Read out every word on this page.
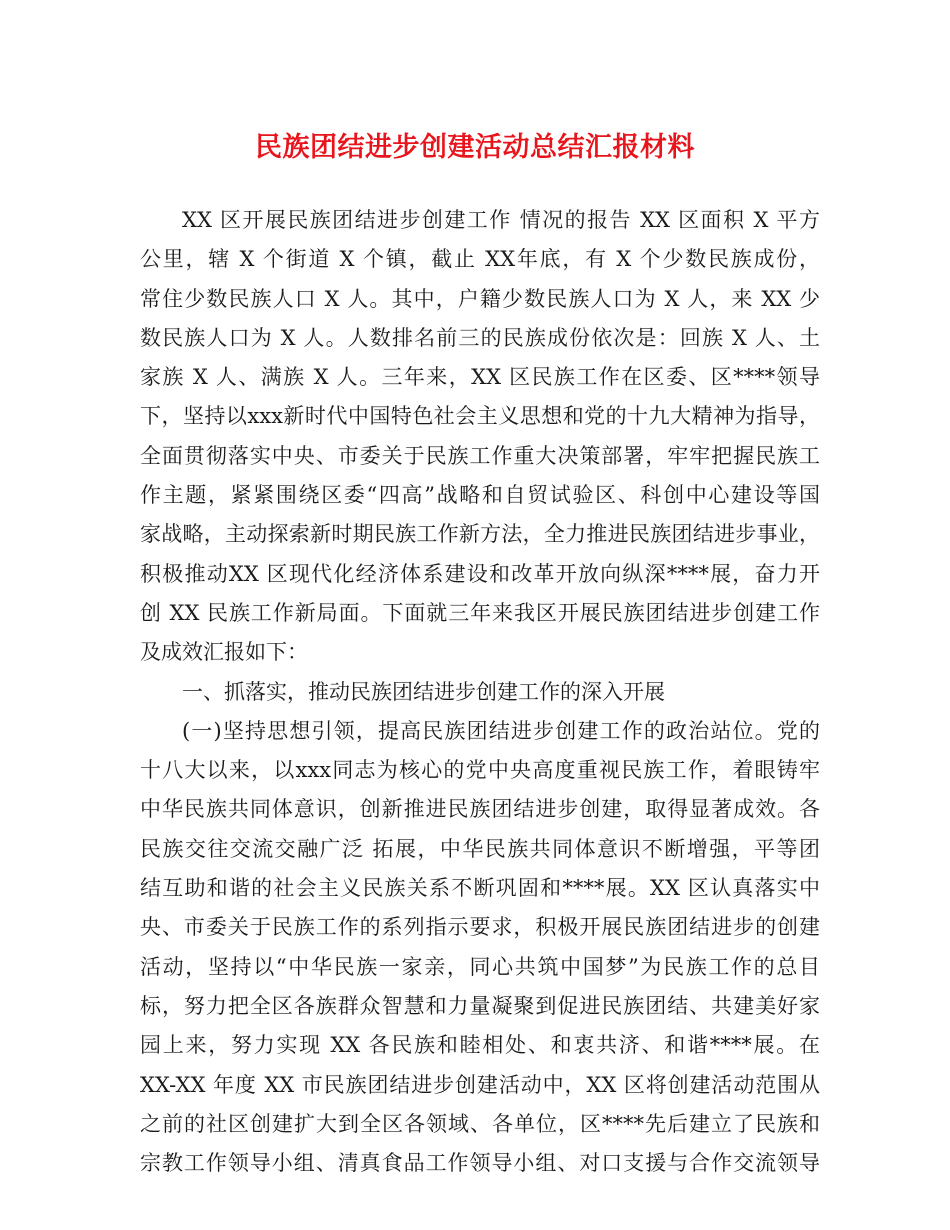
民族团结进步创建活动总结汇报材料
XX 区开展民族团结进步创建工作 情况的报告 XX 区面积 X 平方
公里，辖 X 个街道 X 个镇，截止 XX年底，有 X 个少数民族成份，
常住少数民族人口 X 人。其中，户籍少数民族人口为 X 人，来 XX 少
数民族人口为 X 人。人数排名前三的民族成份依次是：回族 X 人、土
家族 X 人、满族 X 人。三年来，XX 区民族工作在区委、区****领导
下，坚持以xxx新时代中国特色社会主义思想和党的十九大精神为指导，
全面贯彻落实中央、市委关于民族工作重大决策部署，牢牢把握民族工
作主题，紧紧围绕区委“四高”战略和自贸试验区、科创中心建设等国
家战略，主动探索新时期民族工作新方法，全力推进民族团结进步事业，
积极推动XX 区现代化经济体系建设和改革开放向纵深****展，奋力开
创 XX 民族工作新局面。下面就三年来我区开展民族团结进步创建工作
及成效汇报如下：
一、抓落实，推动民族团结进步创建工作的深入开展
(一)坚持思想引领，提高民族团结进步创建工作的政治站位。党的
十八大以来，以xxx同志为核心的党中央高度重视民族工作，着眼铸牢
中华民族共同体意识，创新推进民族团结进步创建，取得显著成效。各
民族交往交流交融广泛 拓展，中华民族共同体意识不断增强，平等团
结互助和谐的社会主义民族关系不断巩固和****展。XX 区认真落实中
央、市委关于民族工作的系列指示要求，积极开展民族团结进步的创建
活动，坚持以“中华民族一家亲，同心共筑中国梦”为民族工作的总目
标，努力把全区各族群众智慧和力量凝聚到促进民族团结、共建美好家
园上来，努力实现 XX 各民族和睦相处、和衷共济、和谐****展。在
XX-XX 年度 XX 市民族团结进步创建活动中，XX 区将创建活动范围从
之前的社区创建扩大到全区各领域、各单位，区****先后建立了民族和
宗教工作领导小组、清真食品工作领导小组、对口支援与合作交流领导
